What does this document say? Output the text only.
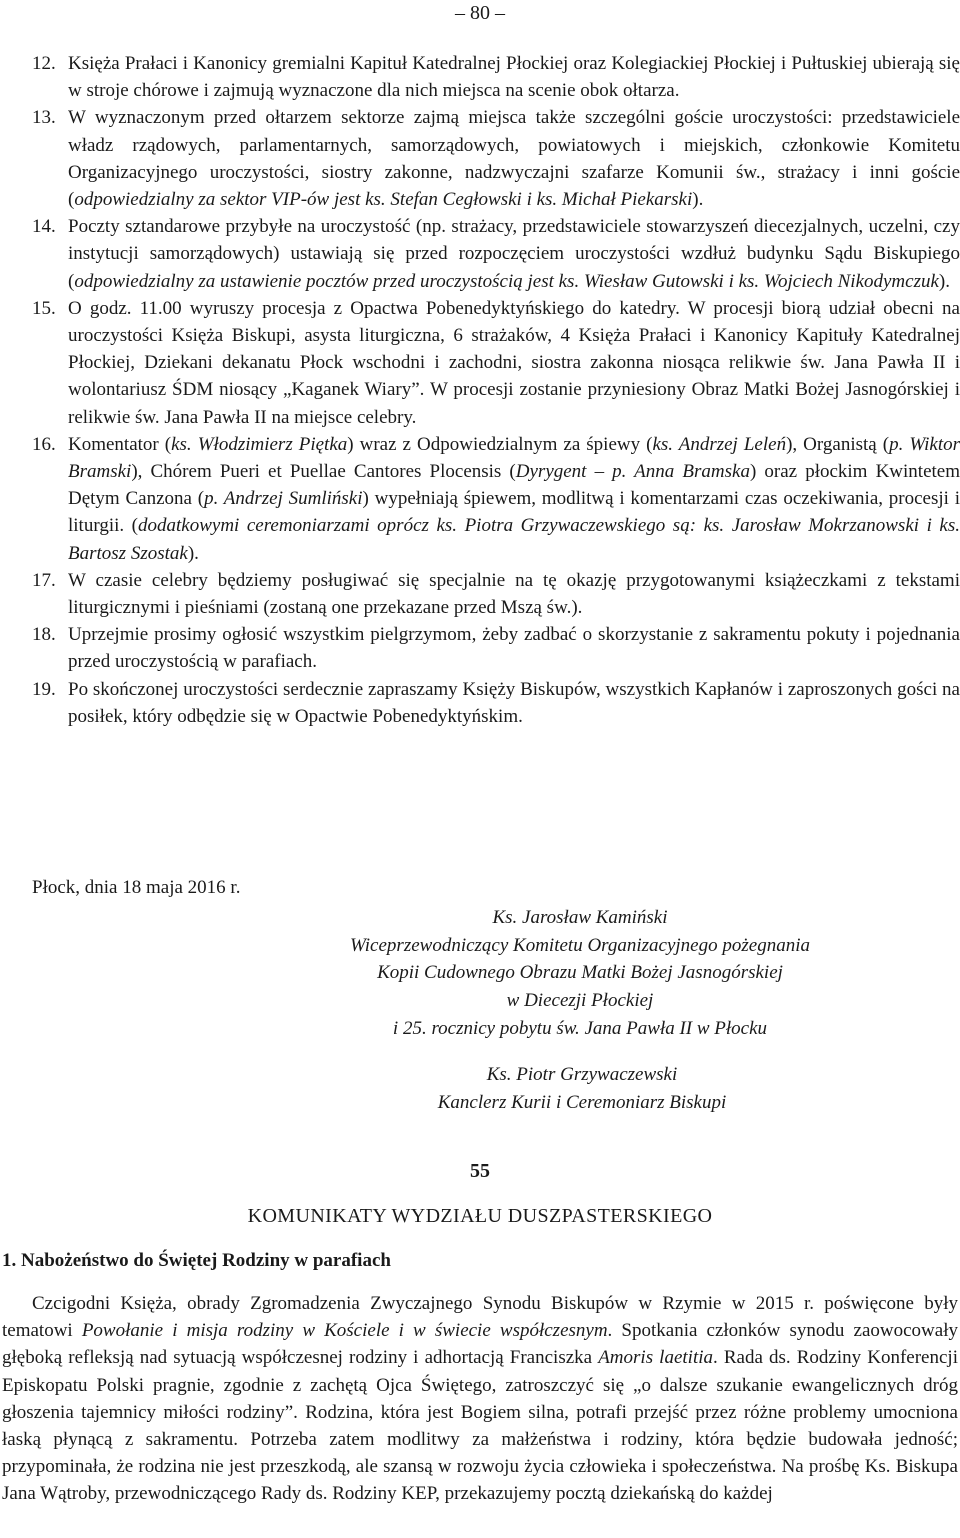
– 80 –
12. Księża Prałaci i Kanonicy gremialni Kapituł Katedralnej Płockiej oraz Kolegiackiej Płockiej i Pułtuskiej ubierają się w stroje chórowe i zajmują wyznaczone dla nich miejsca na scenie obok ołtarza.
13. W wyznaczonym przed ołtarzem sektorze zajmą miejsca także szczególni goście uroczystości: przedstawiciele władz rządowych, parlamentarnych, samorządowych, powiatowych i miejskich, członkowie Komitetu Organizacyjnego uroczystości, siostry zakonne, nadzwyczajni szafarze Komunii św., strażacy i inni goście (odpowiedzialny za sektor VIP-ów jest ks. Stefan Cegłowski i ks. Michał Piekarski).
14. Poczty sztandarowe przybyłe na uroczystość (np. strażacy, przedstawiciele stowarzyszeń diecezjalnych, uczelni, czy instytucji samorządowych) ustawiają się przed rozpoczęciem uroczystości wzdłuż budynku Sądu Biskupiego (odpowiedzialny za ustawienie pocztów przed uroczystością jest ks. Wiesław Gutowski i ks. Wojciech Nikodymczuk).
15. O godz. 11.00 wyruszy procesja z Opactwa Pobenedyktyńskiego do katedry. W procesji biorą udział obecni na uroczystości Księża Biskupi, asysta liturgiczna, 6 strażaków, 4 Księża Prałaci i Kanonicy Kapituły Katedralnej Płockiej, Dziekani dekanatu Płock wschodni i zachodni, siostra zakonna niosąca relikwie św. Jana Pawła II i wolontariusz ŚDM niosący „Kaganek Wiary”. W procesji zostanie przyniesiony Obraz Matki Bożej Jasnogórskiej i relikwie św. Jana Pawła II na miejsce celebry.
16. Komentator (ks. Włodzimierz Piętka) wraz z Odpowiedzialnym za śpiewy (ks. Andrzej Leleń), Organistą (p. Wiktor Bramski), Chórem Pueri et Puellae Cantores Plocensis (Dyrygent – p. Anna Bramska) oraz płockim Kwintetem Dętym Canzona (p. Andrzej Sumliński) wypełniają śpiewem, modlitwą i komentarzami czas oczekiwania, procesji i liturgii. (dodatkowymi ceremoniarzami oprócz ks. Piotra Grzywaczewskiego są: ks. Jarosław Mokrzanowski i ks. Bartosz Szostak).
17. W czasie celebry będziemy posługiwać się specjalnie na tę okazję przygotowanymi książeczkami z tekstami liturgicznymi i pieśniami (zostaną one przekazane przed Mszą św.).
18. Uprzejmie prosimy ogłosić wszystkim pielgrzymom, żeby zadbać o skorzystanie z sakramentu pokuty i pojednania przed uroczystością w parafiach.
19. Po skończonej uroczystości serdecznie zapraszamy Księży Biskupów, wszystkich Kapłanów i zaproszonych gości na posiłek, który odbędzie się w Opactwie Pobenedyktyńskim.
Płock, dnia 18 maja 2016 r.
Ks. Jarosław Kamiński
Wiceprzewodniczący Komitetu Organizacyjnego pożegnania
Kopii Cudownego Obrazu Matki Bożej Jasnogórskiej
w Diecezji Płockiej
i 25. rocznicy pobytu św. Jana Pawła II w Płocku
Ks. Piotr Grzywaczewski
Kanclerz Kurii i Ceremoniarz Biskupi
55
KOMUNIKATY WYDZIAŁU DUSZPASTERSKIEGO
1. Nabożeństwo do Świętej Rodziny w parafiach
Czcigodni Księża, obrady Zgromadzenia Zwyczajnego Synodu Biskupów w Rzymie w 2015 r. poświęcone były tematowi Powołanie i misja rodziny w Kościele i w świecie współczesnym. Spotkania członków synodu zaowocowały głęboką refleksją nad sytuacją współczesnej rodziny i adhortacją Franciszka Amoris laetitia. Rada ds. Rodziny Konferencji Episkopatu Polski pragnie, zgodnie z zachętą Ojca Świętego, zatroszczyć się „o dalsze szukanie ewangelicznych dróg głoszenia tajemnicy miłości rodziny”. Rodzina, która jest Bogiem silna, potrafi przejść przez różne problemy umocniona łaską płynącą z sakramentu. Potrzeba zatem modlitwy za małżeństwa i rodziny, która będzie budowała jedność; przypominała, że rodzina nie jest przeszkodą, ale szansą w rozwoju życia człowieka i społeczeństwa. Na prośbę Ks. Biskupa Jana Wątroby, przewodniczącego Rady ds. Rodziny KEP, przekazujemy pocztą dziekańską do każdej
